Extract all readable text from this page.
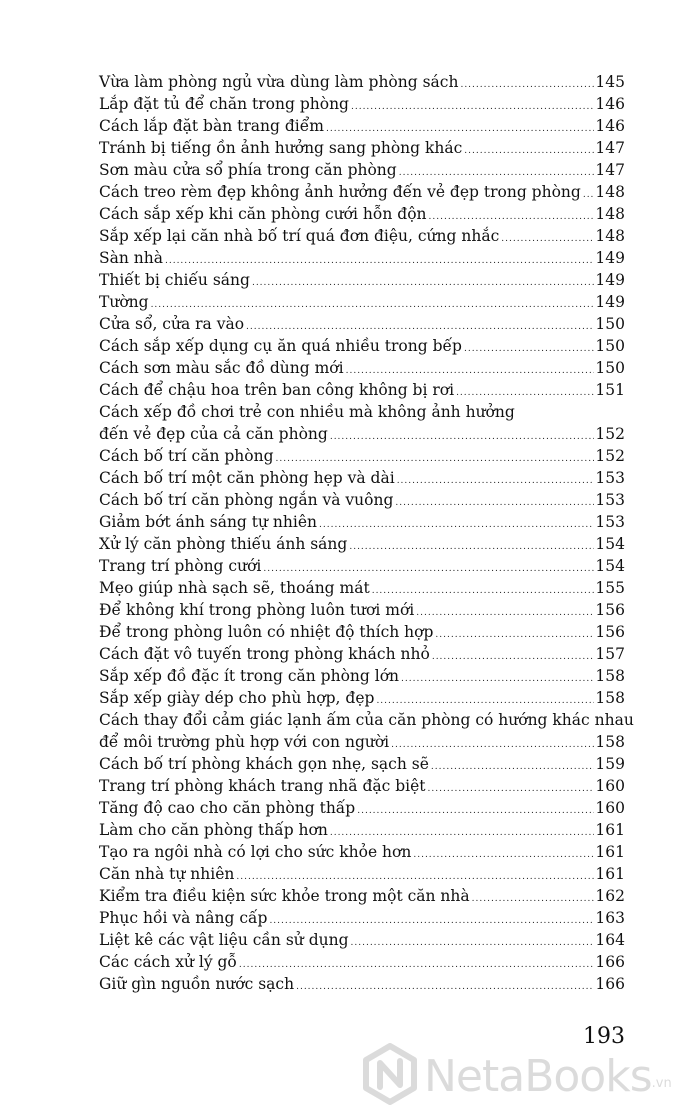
Vừa làm phòng ngủ vừa dùng làm phòng sách .....	145
Lắp đặt tủ để chăn trong phòng .....	146
Cách lắp đặt bàn trang điểm .....	146
Tránh bị tiếng ồn ảnh hưởng sang phòng khác .....	147
Sơn màu cửa sổ phía trong căn phòng .....	147
Cách treo rèm đẹp không ảnh hưởng đến vẻ đẹp trong phòng ..... 148
Cách sắp xếp khi căn phòng cưới hỗn độn .....	148
Sắp xếp lại căn nhà bố trí quá đơn điệu, cứng nhắc .....	148
Sàn nhà .....	149
Thiết bị chiếu sáng .....	149
Tường .....	149
Cửa sổ, cửa ra vào .....	150
Cách sắp xếp dụng cụ ăn quá nhiều trong bếp .....	150
Cách sơn màu sắc đồ dùng mới .....	150
Cách để chậu hoa trên ban công không bị rơi .....	151
Cách xếp đồ chơi trẻ con nhiều mà không ảnh hưởng
đến vẻ đẹp của cả căn phòng .....	152
Cách bố trí căn phòng .....	152
Cách bố trí một căn phòng hẹp và dài .....	153
Cách bố trí căn phòng ngắn và vuông .....	153
Giảm bớt ánh sáng tự nhiên .....	153
Xử lý căn phòng thiếu ánh sáng .....	154
Trang trí phòng cưới .....	154
Mẹo giúp nhà sạch sẽ, thoáng mát .....	155
Để không khí trong phòng luôn tươi mới .....	156
Để trong phòng luôn có nhiệt độ thích hợp .....	156
Cách đặt vô tuyến trong phòng khách nhỏ .....	157
Sắp xếp đồ đặc ít trong căn phòng lớn .....	158
Sắp xếp giày dép cho phù hợp, đẹp .....	158
Cách thay đổi cảm giác lạnh ấm của căn phòng có hướng khác nhau
để môi trường phù hợp với con người .....	158
Cách bố trí phòng khách gọn nhẹ, sạch sẽ .....	159
Trang trí phòng khách trang nhã đặc biệt .....	160
Tăng độ cao cho căn phòng thấp .....	160
Làm cho căn phòng thấp hơn .....	161
Tạo ra ngôi nhà có lợi cho sức khỏe hơn .....	161
Căn nhà tự nhiên .....	161
Kiểm tra điều kiện sức khỏe trong một căn nhà .....	162
Phục hồi và nâng cấp .....	163
Liệt kê các vật liệu cần sử dụng .....	164
Các cách xử lý gỗ .....	166
Giữ gìn nguồn nước sạch .....	166
193
NetaBooks .vn
